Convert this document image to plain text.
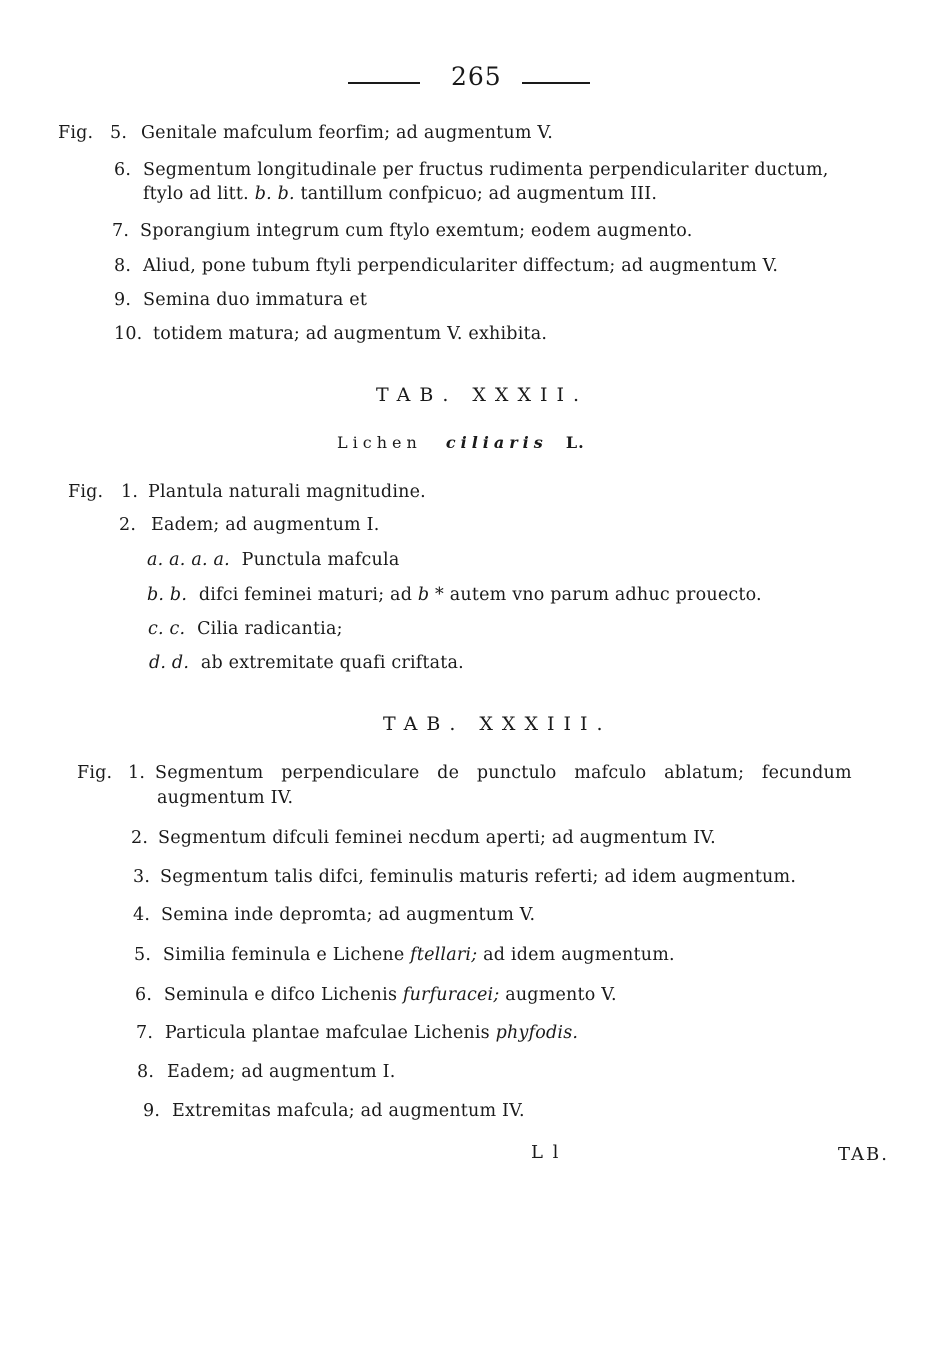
265
Fig. 5. Genitale mafculum feorfim; ad augmentum V.
6. Segmentum longitudinale per fructus rudimenta perpendiculariter ductum,
ftylo ad litt. b. b. tantillum confpicuo; ad augmentum III.
7. Sporangium integrum cum ftylo exemtum; eodem augmento.
8. Aliud, pone tubum ftyli perpendiculariter diffectum; ad augmentum V.
9. Semina duo immatura et
10. totidem matura; ad augmentum V. exhibita.
TAB. XXXII.
Lichen ciliaris L.
Fig. 1. Plantula naturali magnitudine.
2. Eadem; ad augmentum I.
a. a. a. a. Punctula mafcula
b. b. difci feminei maturi; ad b * autem vno parum adhuc prouecto.
c. c. Cilia radicantia;
d. d. ab extremitate quafi criftata.
TAB. XXXIII.
Fig. 1. Segmentum perpendiculare de punctulo mafculo ablatum; fecundum
augmentum IV.
2. Segmentum difculi feminei necdum aperti; ad augmentum IV.
3. Segmentum talis difci, feminulis maturis referti; ad idem augmentum.
4. Semina inde depromta; ad augmentum V.
5. Similia feminula e Lichene ftellari; ad idem augmentum.
6. Seminula e difco Lichenis furfuracei; augmento V.
7. Particula plantae mafculae Lichenis phyfodis.
8. Eadem; ad augmentum I.
9. Extremitas mafcula; ad augmentum IV.
L l	TAB.
